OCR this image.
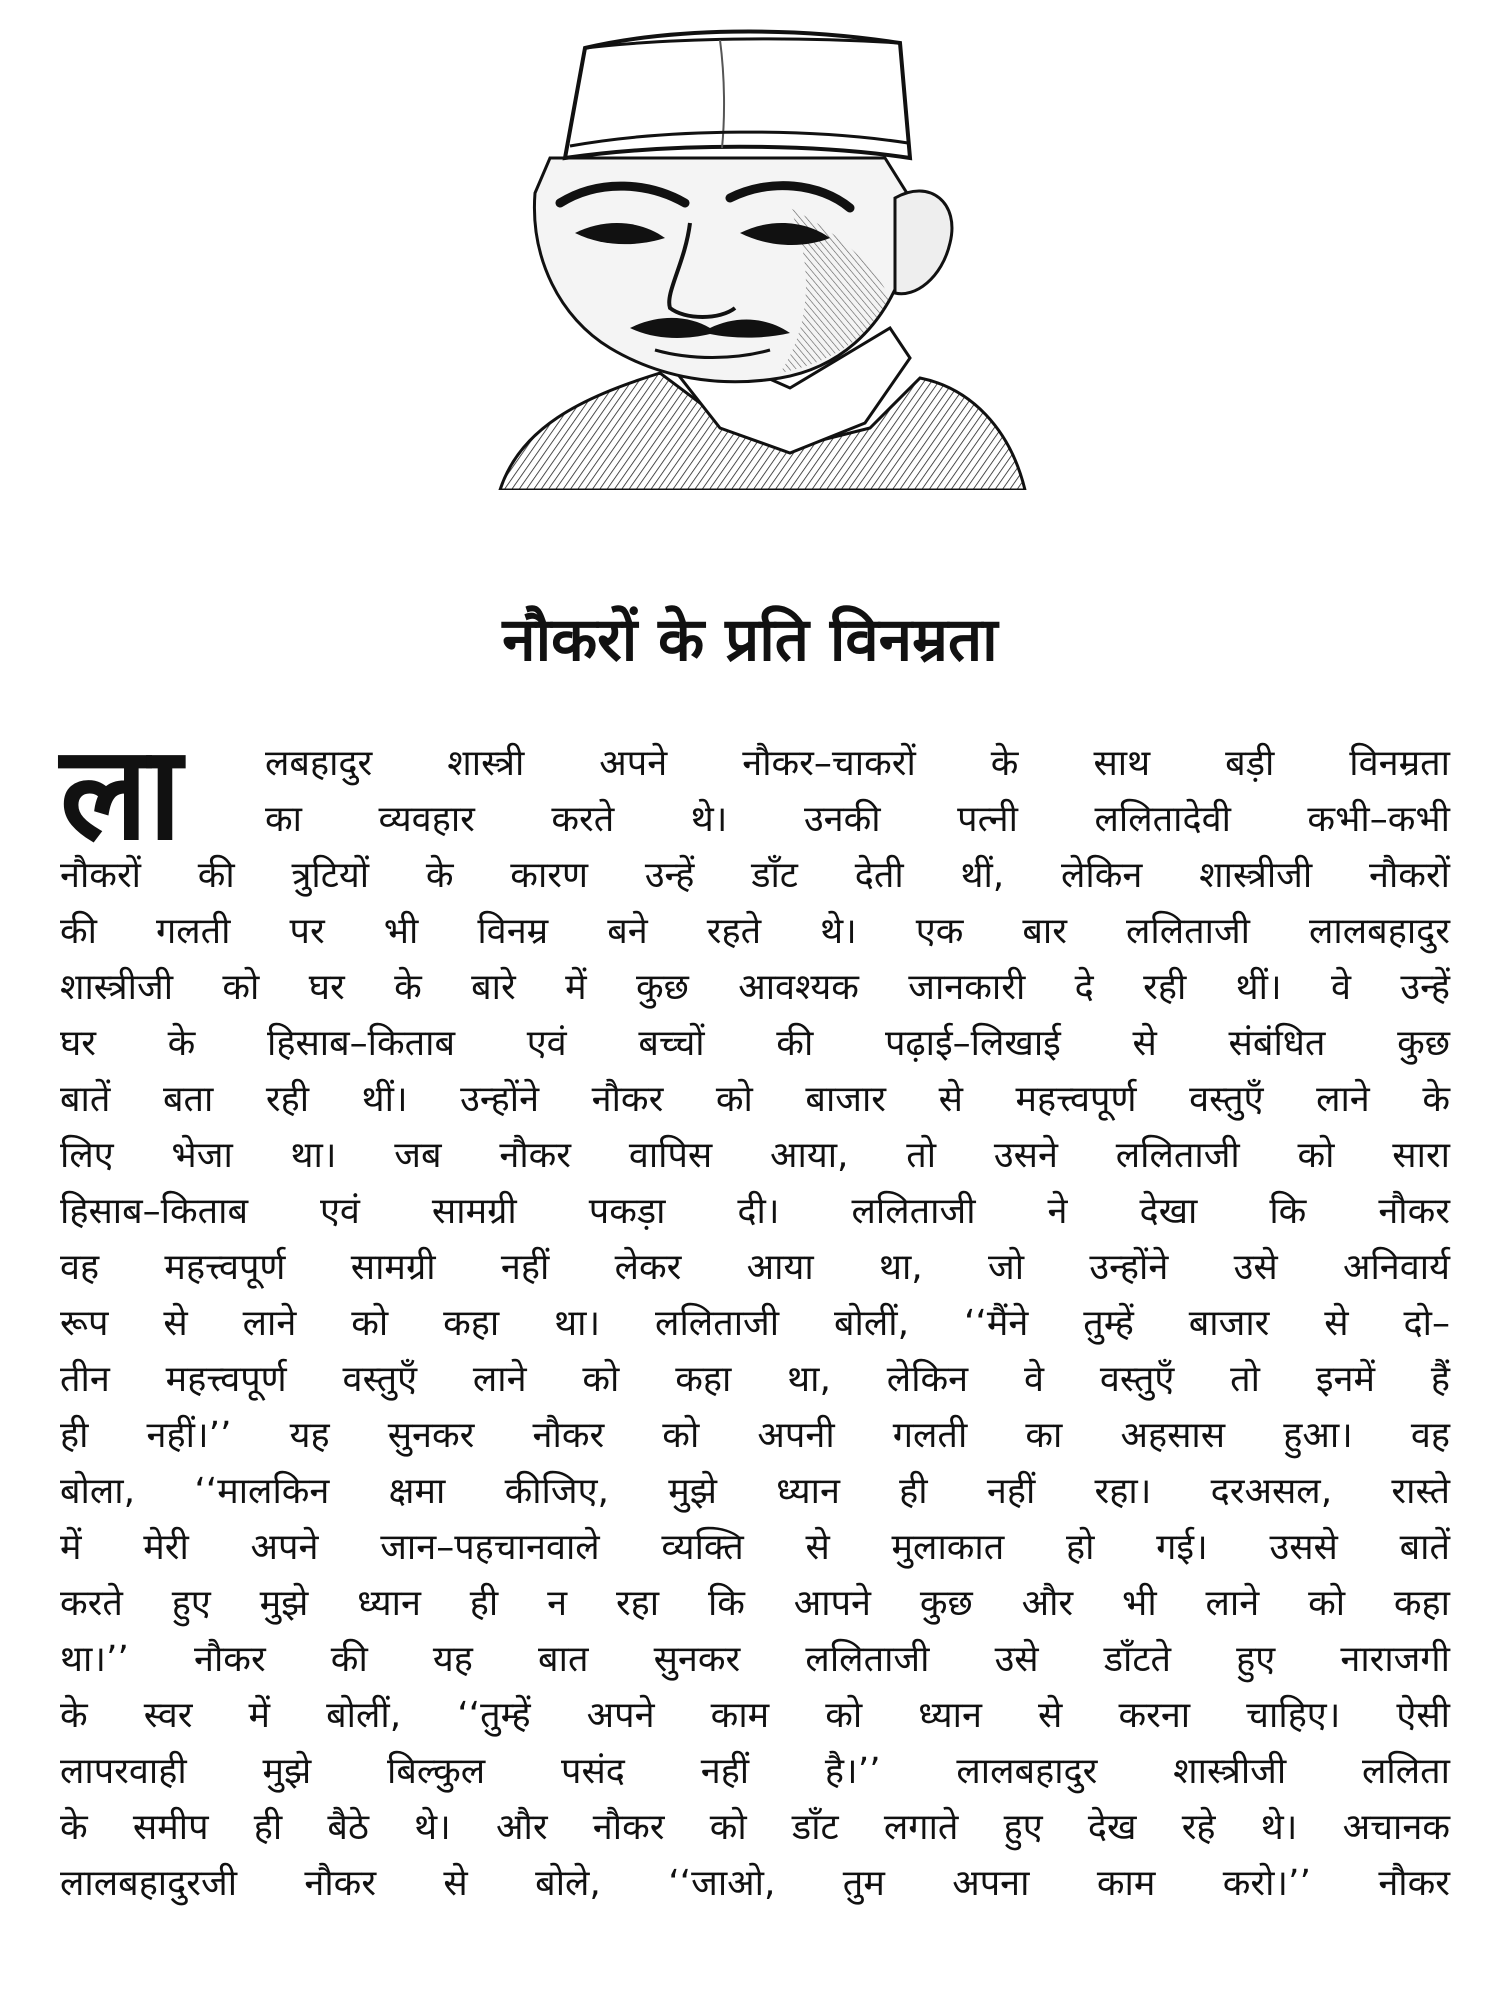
नौकरों के प्रति विनम्रता
ला लबहादुर शास्त्री अपने नौकर–चाकरों के साथ बड़ी विनम्रता
का व्यवहार करते थे। उनकी पत्नी ललितादेवी कभी–कभी
नौकरों की त्रुटियों के कारण उन्हें डाँट देती थीं, लेकिन शास्त्रीजी नौकरों
की गलती पर भी विनम्र बने रहते थे। एक बार ललिताजी लालबहादुर
शास्त्रीजी को घर के बारे में कुछ आवश्यक जानकारी दे रही थीं। वे उन्हें
घर के हिसाब–किताब एवं बच्चों की पढ़ाई–लिखाई से संबंधित कुछ
बातें बता रही थीं। उन्होंने नौकर को बाजार से महत्त्वपूर्ण वस्तुएँ लाने के
लिए भेजा था। जब नौकर वापिस आया, तो उसने ललिताजी को सारा
हिसाब–किताब एवं सामग्री पकड़ा दी। ललिताजी ने देखा कि नौकर
वह महत्त्वपूर्ण सामग्री नहीं लेकर आया था, जो उन्होंने उसे अनिवार्य
रूप से लाने को कहा था। ललिताजी बोलीं, ‘‘मैंने तुम्हें बाजार से दो–
तीन महत्त्वपूर्ण वस्तुएँ लाने को कहा था, लेकिन वे वस्तुएँ तो इनमें हैं
ही नहीं।’’ यह सुनकर नौकर को अपनी गलती का अहसास हुआ। वह
बोला, ‘‘मालकिन क्षमा कीजिए, मुझे ध्यान ही नहीं रहा। दरअसल, रास्ते
में मेरी अपने जान–पहचानवाले व्यक्ति से मुलाकात हो गई। उससे बातें
करते हुए मुझे ध्यान ही न रहा कि आपने कुछ और भी लाने को कहा
था।’’ नौकर की यह बात सुनकर ललिताजी उसे डाँटते हुए नाराजगी
के स्वर में बोलीं, ‘‘तुम्हें अपने काम को ध्यान से करना चाहिए। ऐसी
लापरवाही मुझे बिल्कुल पसंद नहीं है।’’ लालबहादुर शास्त्रीजी ललिता
के समीप ही बैठे थे। और नौकर को डाँट लगाते हुए देख रहे थे। अचानक
लालबहादुरजी नौकर से बोले, ‘‘जाओ, तुम अपना काम करो।’’ नौकर
